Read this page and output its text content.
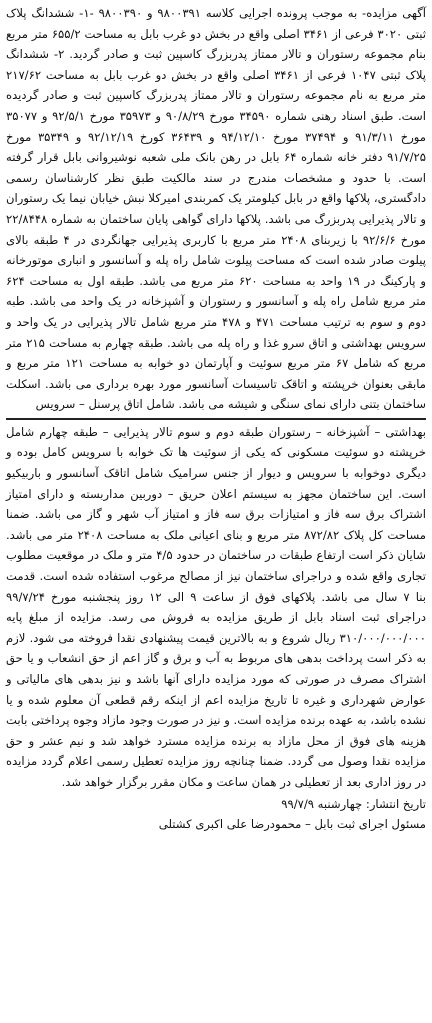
آگهی مزایده- به موجب پرونده اجرایی کلاسه ۹۸۰۰۳۹۱ و ۹۸۰۰۳۹۰ -۱- ششدانگ پلاک ثبتی ۳۰۲۰ فرعی از ۳۴۶۱ اصلی واقع در بخش دو غرب بابل به مساحت ۶۵۵/۲ متر مربع بنام مجموعه رستوران و تالار ممتاز پدربزرگ کاسپین ثبت و صادر گردید. ۲- ششدانگ پلاک ثبتی ۱۰۴۷ فرعی از ۳۴۶۱ اصلی واقع در بخش دو غرب بابل به مساحت ۲۱۷/۶۲ متر مربع به نام مجموعه رستوران و تالار ممتاز پدربزرگ کاسپین ثبت و صادر گردیده است. طبق اسناد رهنی شماره ۳۴۵۹۰ مورخ ۹۰/۸/۲۹ و ۳۵۹۷۳ مورخ ۹۲/۵/۱ و ۳۵۰۷۷ مورخ ۹۱/۳/۱۱ و ۳۷۴۹۴ مورخ ۹۴/۱۲/۱۰ و ۳۶۴۳۹ کورخ ۹۲/۱۲/۱۹ و ۳۵۳۴۹ مورخ ۹۱/۷/۲۵ دفتر خانه شماره ۶۴ بابل در رهن بانک ملی شعبه نوشیروانی بابل قرار گرفته است. با حدود و مشخصات مندرج در سند مالکیت طبق نظر کارشناسان رسمی دادگستری، پلاکها واقع در بابل کیلومتر یک کمربندی امیرکلا نبش خیابان نیما یک رستوران و تالار پذیرایی پدربزرگ می باشد. پلاکها دارای گواهی پایان ساختمان به شماره ۲۲/۸۴۴۸ مورخ ۹۲/۶/۶ با زیربنای ۲۴۰۸ متر مربع با کاربری پذیرایی جهانگردی در ۴ طبقه بالای پیلوت صادر شده است که مساحت پیلوت شامل راه پله و آسانسور و انباری موتورخانه و پارکینگ در ۱۹ واحد به مساحت ۶۲۰ متر مربع می باشد. طبقه اول به مساحت ۶۲۴ متر مربع شامل راه پله و آسانسور و رستوران و آشپزخانه در یک واحد می باشد. طبه دوم و سوم به ترتیب مساحت ۴۷۱ و ۴۷۸ متر مربع شامل تالار پذیرایی در یک واحد و سرویس بهداشتی و اتاق سرو غذا و راه پله می باشد. طبقه چهارم به مساحت ۲۱۵ متر مربع که شامل ۶۷ متر مربع سوئیت و آپارتمان دو خوابه به مساحت ۱۲۱ متر مربع و مابقی بعنوان خرپشته و اتاقک تاسیسات آسانسور مورد بهره برداری می باشد. اسکلت ساختمان بتنی دارای نمای سنگی و شیشه می باشد. شامل اتاق پرسنل – سرویس

بهداشتی – آشپزخانه – رستوران طبقه دوم و سوم تالار پذیرایی – طبقه چهارم شامل خرپشته دو سوئیت مسکونی که یکی از سوئیت ها تک خوابه با سرویس کامل بوده و دیگری دوخوابه با سرویس و دیوار از جنس سرامیک شامل اتاقک آسانسور و باربیکیو است. این ساختمان مجهز به سیستم اعلان حریق – دوربین مداربسته و دارای امتیاز اشتراک برق سه فاز و امتیازات برق سه فاز و امتیاز آب شهر و گاز می باشد. ضمنا مساحت کل پلاک ۸۷۲/۸۲ متر مربع و بنای اعیانی ملک به مساحت ۲۴۰۸ متر می باشد. شایان ذکر است ارتفاع طبقات در ساختمان در حدود ۴/۵ متر و ملک در موقعیت مطلوب تجاری واقع شده و دراجرای ساختمان نیز از مصالح مرغوب استفاده شده است. قدمت بنا ۷ سال می باشد. پلاکهای فوق از ساعت ۹ الی ۱۲ روز پنجشنبه مورخ ۹۹/۷/۲۴ دراجرای ثبت اسناد بابل از طریق مزایده به فروش می رسد. مزایده از مبلغ پایه ۳۱۰/۰۰۰/۰۰۰/۰۰۰ ریال شروع و به بالاترین قیمت پیشنهادی نقدا فروخته می شود. لازم به ذکر است پرداخت بدهی های مربوط به آب و برق و گاز اعم از حق انشعاب و یا حق اشتراک مصرف در صورتی که مورد مزایده دارای آنها باشد و نیز بدهی های مالیاتی و عوارض شهرداری و غیره تا تاریخ مزایده اعم از اینکه رقم قطعی آن معلوم شده و یا نشده باشد، به عهده برنده مزایده است. و نیز در صورت وجود مازاد وجوه پرداختی بابت هزینه های فوق از محل مازاد به برنده مزایده مسترد خواهد شد و نیم عشر و حق مزایده نقدا وصول می گردد. ضمنا چنانچه روز مزایده تعطیل رسمی اعلام گردد مزایده در روز اداری بعد از تعطیلی در همان ساعت و مکان مقرر برگزار خواهد شد.

تاریخ انتشار: چهارشنبه ۹۹/۷/۹

مسئول اجرای ثبت بابل – محمودرضا علی اکبری کشتلی
